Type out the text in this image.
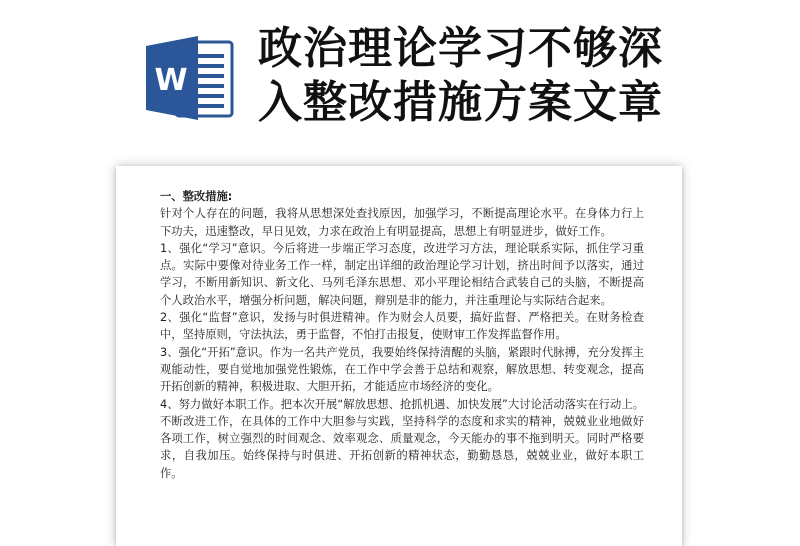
W
政治理论学习不够深
入整改措施方案文章

一、整改措施:

针对个人存在的问题，我将从思想深处查找原因，加强学习，不断提高理论水平。在身体力行上下功夫，迅速整改，早日见效，力求在政治上有明显提高，思想上有明显进步，做好工作。

1、强化“学习”意识。今后将进一步端正学习态度，改进学习方法，理论联系实际，抓住学习重点。实际中要像对待业务工作一样，制定出详细的政治理论学习计划，挤出时间予以落实，通过学习，不断用新知识、新文化、马列毛泽东思想、邓小平理论相结合武装自己的头脑，不断提高个人政治水平，增强分析问题，解决问题，辩别是非的能力，并注重理论与实际结合起来。

2、强化“监督”意识，发扬与时俱进精神。作为财会人员要，搞好监督、严格把关。在财务检查中，坚持原则，守法执法，勇于监督，不怕打击报复，使财审工作发挥监督作用。

3、强化“开拓”意识。作为一名共产党员，我要始终保持清醒的头脑，紧跟时代脉搏，充分发挥主观能动性，要自觉地加强党性锻炼，在工作中学会善于总结和观察，解放思想、转变观念，提高开拓创新的精神，积极进取、大胆开拓，才能适应市场经济的变化。

4、努力做好本职工作。把本次开展“解放思想、抢抓机遇、加快发展”大讨论活动落实在行动上。不断改进工作，在具体的工作中大胆参与实践，坚持科学的态度和求实的精神，兢兢业业地做好各项工作，树立强烈的时间观念、效率观念、质量观念，今天能办的事不拖到明天。同时严格要求，自我加压。始终保持与时俱进、开拓创新的精神状态，勤勤恳恳，兢兢业业，做好本职工作。
